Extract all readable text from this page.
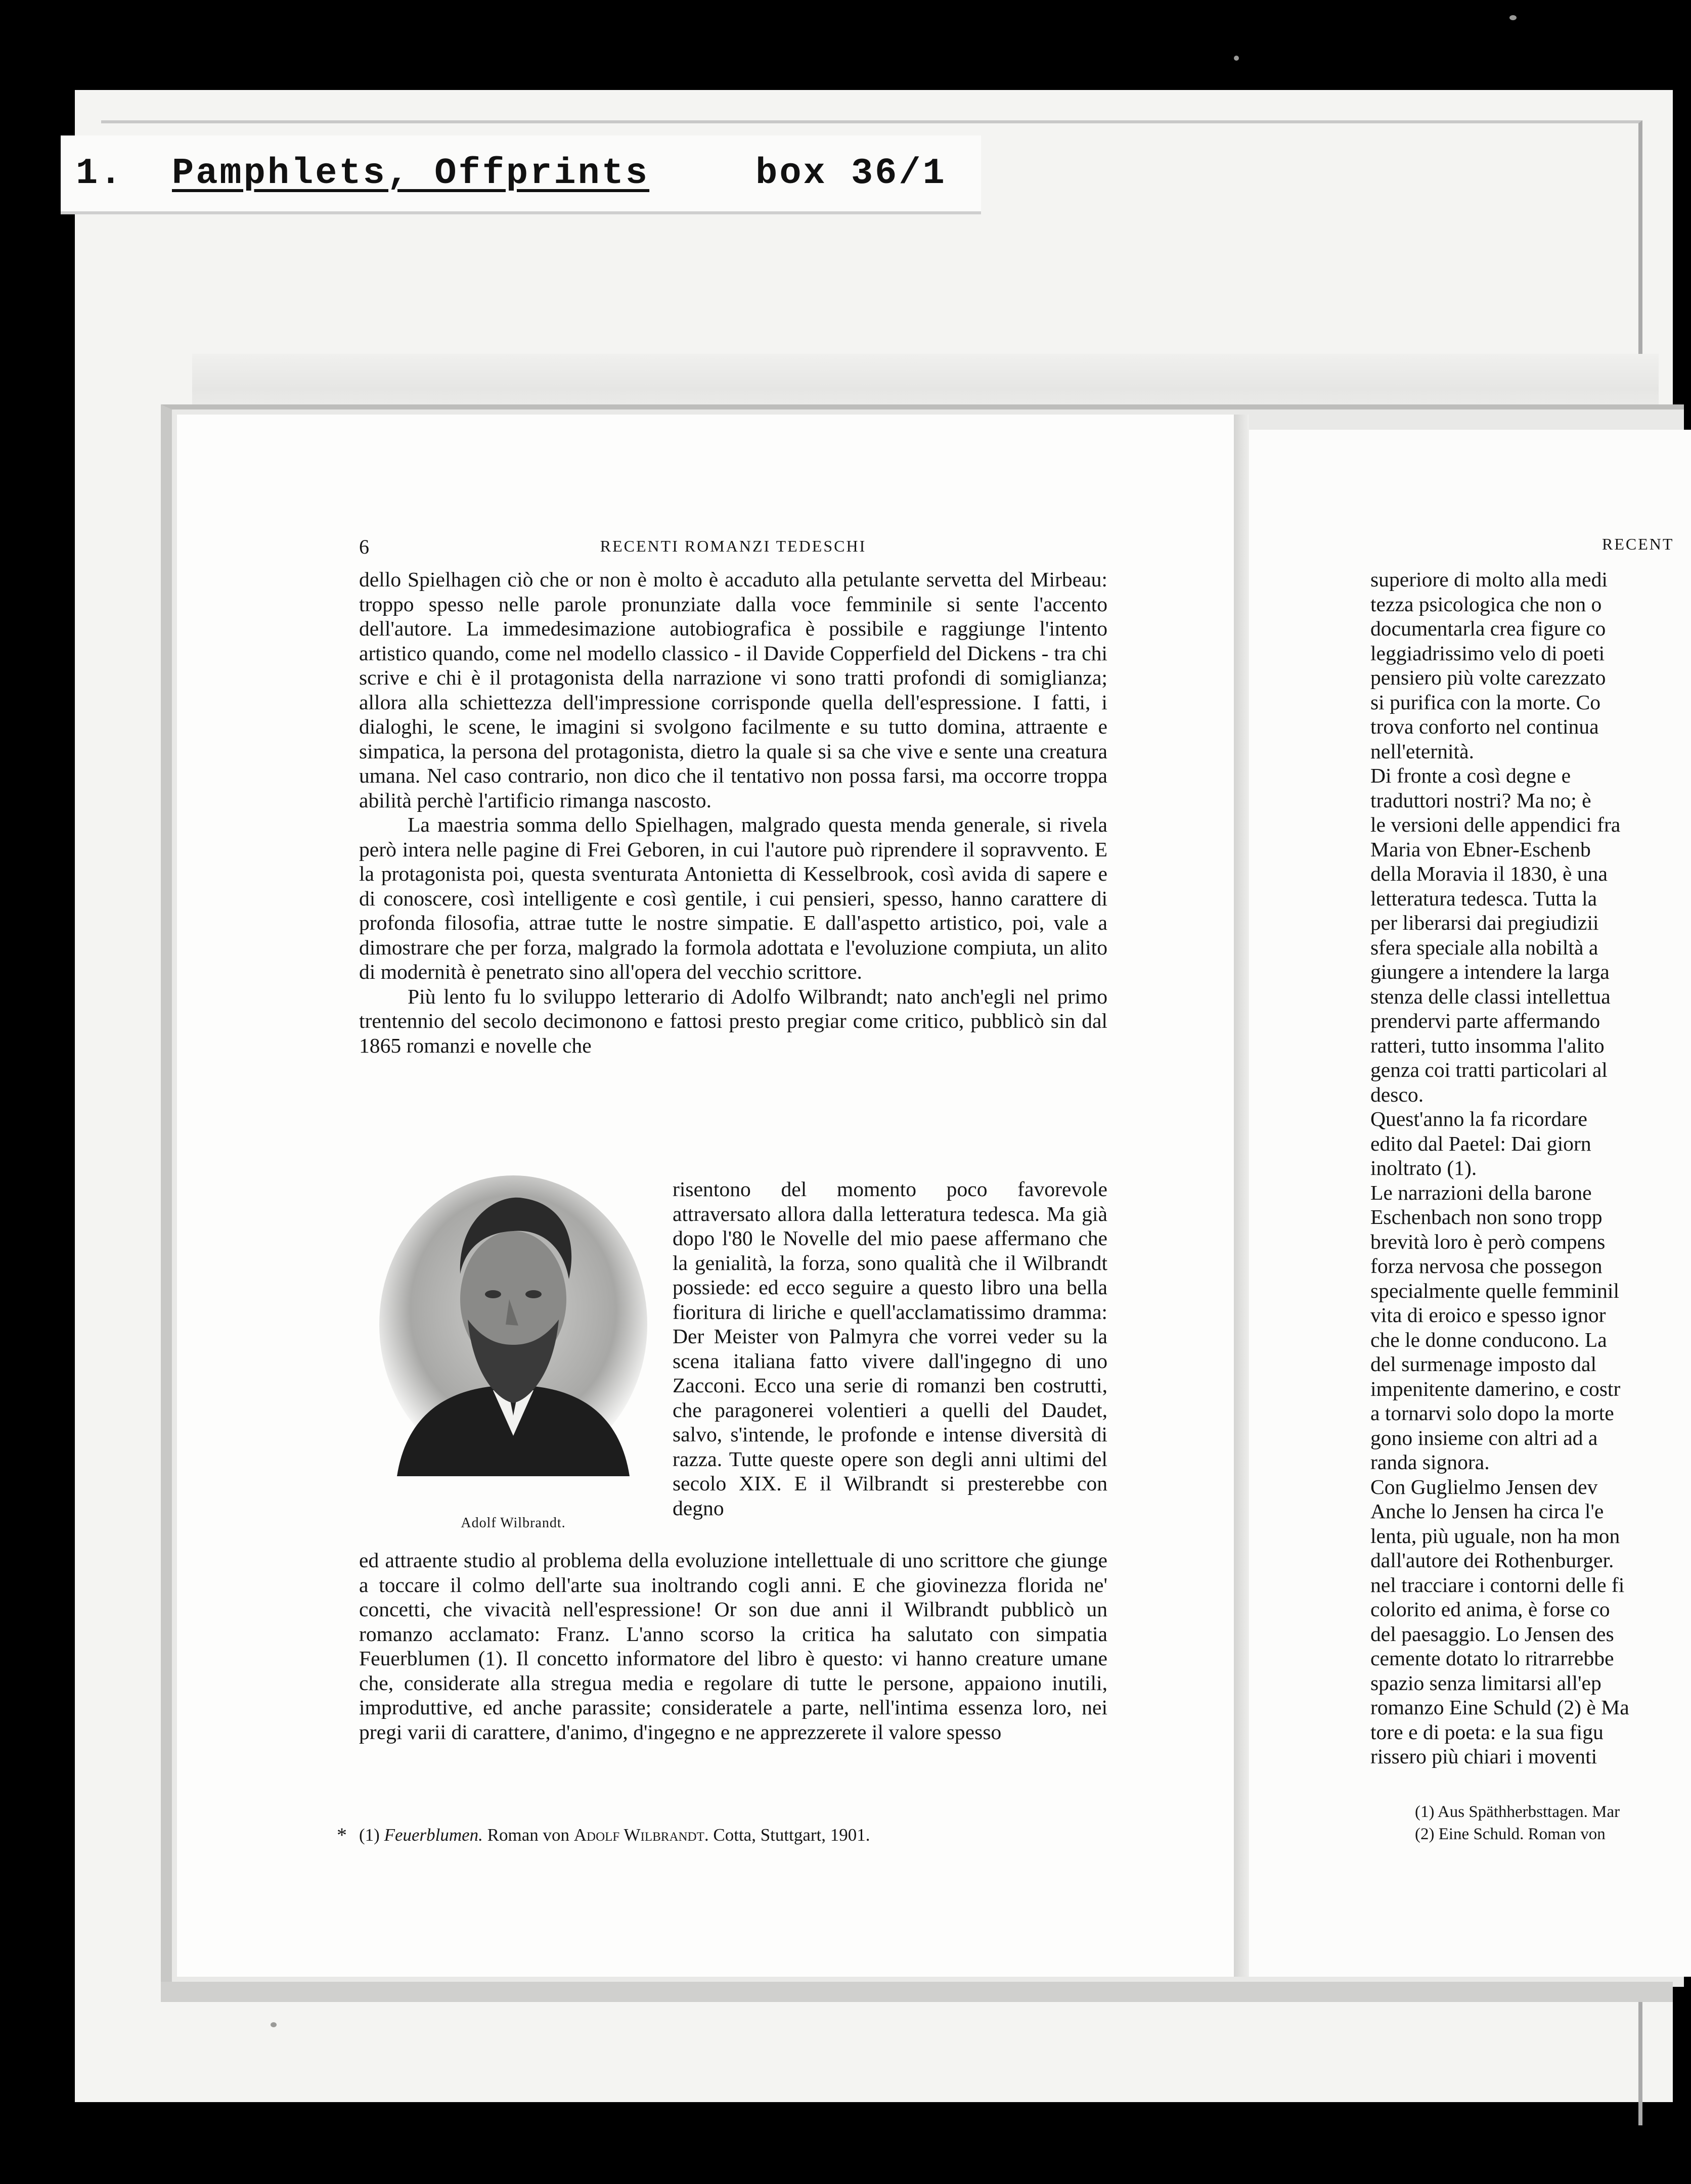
1.	Pamphlets, Offprints	box 36/1
6	RECENTI ROMANZI TEDESCHI

dello Spielhagen ciò che or non è molto è accaduto alla petulante servetta del Mirbeau: troppo spesso nelle parole pronunziate dalla voce femminile si sente l'accento dell'autore. La immedesimazione autobiografica è possibile e raggiunge l'intento artistico quando, come nel modello classico - il Davide Copperfield del Dickens - tra chi scrive e chi è il protagonista della narrazione vi sono tratti profondi di somiglianza; allora alla schiettezza dell'impressione corrisponde quella dell'espressione. I fatti, i dialoghi, le scene, le imagini si svolgono facilmente e su tutto domina, attraente e simpatica, la persona del protagonista, dietro la quale si sa che vive e sente una creatura umana. Nel caso contrario, non dico che il tentativo non possa farsi, ma occorre troppa abilità perchè l'artificio rimanga nascosto.

La maestria somma dello Spielhagen, malgrado questa menda generale, si rivela però intera nelle pagine di Frei Geboren, in cui l'autore può riprendere il sopravvento. E la protagonista poi, questa sventurata Antonietta di Kesselbrook, così avida di sapere e di conoscere, così intelligente e così gentile, i cui pensieri, spesso, hanno carattere di profonda filosofia, attrae tutte le nostre simpatie. E dall'aspetto artistico, poi, vale a dimostrare che per forza, malgrado la formola adottata e l'evoluzione compiuta, un alito di modernità è penetrato sino all'opera del vecchio scrittore.

Più lento fu lo sviluppo letterario di Adolfo Wilbrandt; nato anch'egli nel primo trentennio del secolo decimonono e fattosi presto pregiar come critico, pubblicò sin dal 1865 romanzi e novelle che

Adolf Wilbrandt.

risentono del momento poco favorevole attraversato allora dalla letteratura tedesca. Ma già dopo l'80 le Novelle del mio paese affermano che la genialità, la forza, sono qualità che il Wilbrandt possiede: ed ecco seguire a questo libro una bella fioritura di liriche e quell'acclamatissimo dramma: Der Meister von Palmyra che vorrei veder su la scena italiana fatto vivere dall'ingegno di uno Zacconi. Ecco una serie di romanzi ben costrutti, che paragonerei volentieri a quelli del Daudet, salvo, s'intende, le profonde e intense diversità di razza. Tutte queste opere son degli anni ultimi del secolo XIX. E il Wilbrandt si presterebbe con degno

ed attraente studio al problema della evoluzione intellettuale di uno scrittore che giunge a toccare il colmo dell'arte sua inoltrando cogli anni. E che giovinezza florida ne' concetti, che vivacità nell'espressione! Or son due anni il Wilbrandt pubblicò un romanzo acclamato: Franz. L'anno scorso la critica ha salutato con simpatia Feuerblumen (1). Il concetto informatore del libro è questo: vi hanno creature umane che, considerate alla stregua media e regolare di tutte le persone, appaiono inutili, improduttive, ed anche parassite; consideratele a parte, nell'intima essenza loro, nei pregi varii di carattere, d'animo, d'ingegno e ne apprezzerete il valore spesso

* (1) Feuerblumen. Roman von Adolf Wilbrandt. Cotta, Stuttgart, 1901.
RECENT
superiore di molto alla medi
tezza psicologica che non o
documentarla crea figure co
leggiadrissimo velo di poeti
pensiero più volte carezzato
si purifica con la morte. Co
trova conforto nel continua
nell'eternità.
Di fronte a così degne e
traduttori nostri? Ma no; è
le versioni delle appendici fra
Maria von Ebner-Eschenb
della Moravia il 1830, è una
letteratura tedesca. Tutta la
per liberarsi dai pregiudizii
sfera speciale alla nobiltà a
giungere a intendere la larga
stenza delle classi intellettua
prendervi parte affermando
ratteri, tutto insomma l'alito
genza coi tratti particolari al
desco.
Quest'anno la fa ricordare
edito dal Paetel: Dai giorn
inoltrato (1).
Le narrazioni della barone
Eschenbach non sono tropp
brevità loro è però compens
forza nervosa che possegon
specialmente quelle femminil
vita di eroico e spesso ignor
che le donne conducono. La
del surmenage imposto dal
impenitente damerino, e costr
a tornarvi solo dopo la morte
gono insieme con altri ad a
randa signora.
Con Guglielmo Jensen dev
Anche lo Jensen ha circa l'e
lenta, più uguale, non ha mon
dall'autore dei Rothenburger.
nel tracciare i contorni delle fi
colorito ed anima, è forse co
del paesaggio. Lo Jensen des
cemente dotato lo ritrarrebbe
spazio senza limitarsi all'ep
romanzo Eine Schuld (2) è Ma
tore e di poeta: e la sua figu
rissero più chiari i moventi
(1) Aus Späthherbsttagen. Mar
(2) Eine Schuld. Roman von
